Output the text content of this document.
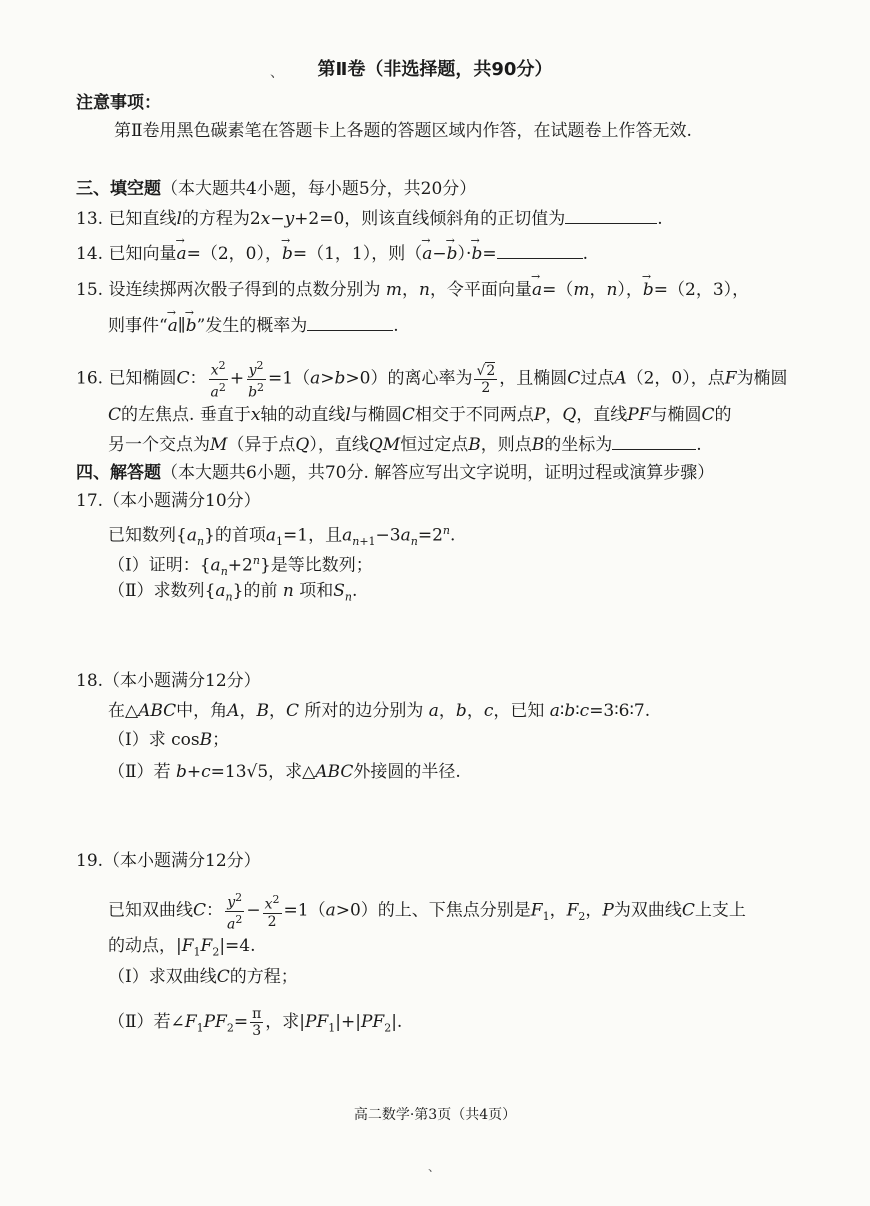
、	第Ⅱ卷（非选择题，共90分）
注意事项：
第Ⅱ卷用黑色碳素笔在答题卡上各题的答题区域内作答，在试题卷上作答无效.
三、填空题（本大题共4小题，每小题5分，共20分）
13. 已知直线l的方程为2x−y+2=0，则该直线倾斜角的正切值为	.
14. 已知向量→ a=（2，0），→ b=（1，1），则（→ a−→ b）·→ b=	.
15. 设连续掷两次骰子得到的点数分别为 m，n，令平面向量→ a=（m，n），→ b=（2，3），
则事件“→ a∥→ b”发生的概率为	.
16. 已知椭圆C： $\frac{x^2}{a^2} + \frac{y^2}{b^2} =1(a>b>0)$的离心率为 $\frac{√2}{2}$ ，且椭圆C过点A（2，0），点F为椭圆
C的左焦点. 垂直于x轴的动直线l与椭圆C相交于不同两点P，Q，直线PF与椭圆C的
另一个交点为M（异于点Q），直线QM恒过定点B，则点B的坐标为	.
四、解答题（本大题共6小题，共70分. 解答应写出文字说明，证明过程或演算步骤）
17.（本小题满分10分）
已知数列$\{a_n\}$的首项$a_1=1$，且$a_{n+1}-3a_n=2^n$.
（Ⅰ）证明：$\{a_n+2^n\}$是等比数列；
（Ⅱ）求数列$\{a_n\}$的前 n 项和$S_n$.
18.（本小题满分12分）
在△ABC中，角A，B，C 所对的边分别为 a，b，c，已知 a∶b∶c=3∶6∶7.
（Ⅰ）求 cosB；
（Ⅱ）若 b+c=13√5，求△ABC外接圆的半径.
19.（本小题满分12分）
已知双曲线C： $\frac{y^2}{a^2} - \frac{x^2}{2} =1(a>0)$的上、下焦点分别是$F_1$，$F_2$，P为双曲线C上支上
的动点，$|F_1F_2|=4$.
（Ⅰ）求双曲线C的方程；
（Ⅱ）若$\angle F_1PF_2= \frac{\pi}{3}$ ，求$|PF_1|+|PF_2|$.
高二数学·第3页（共4页）
、
